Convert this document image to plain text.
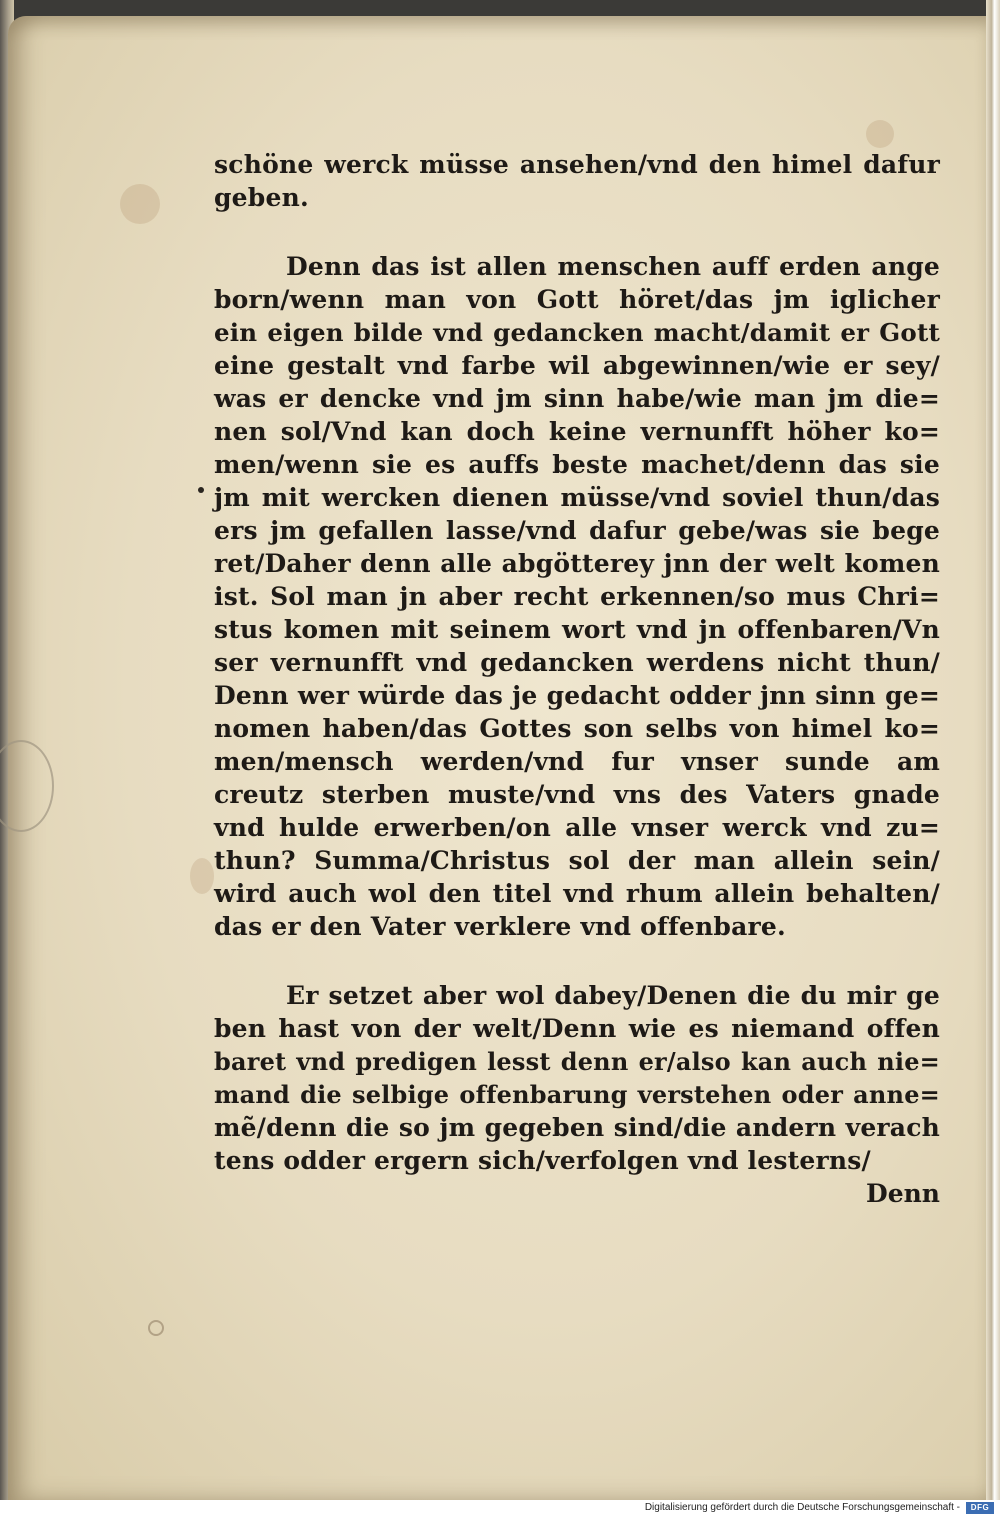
schöne werck müsse ansehen/vnd den himel dafur
geben.
Denn das ist allen menschen auff erden ange
born/wenn man von Gott höret/das jm iglicher
ein eigen bilde vnd gedancken macht/damit er Gott
eine gestalt vnd farbe wil abgewinnen/wie er sey/
was er dencke vnd jm sinn habe/wie man jm die=
nen sol/Vnd kan doch keine vernunfft höher ko=
men/wenn sie es auffs beste machet/denn das sie
jm mit wercken dienen müsse/vnd soviel thun/das
ers jm gefallen lasse/vnd dafur gebe/was sie bege
ret/Daher denn alle abgötterey jnn der welt komen
ist. Sol man jn aber recht erkennen/so mus Chri=
stus komen mit seinem wort vnd jn offenbaren/Vn
ser vernunfft vnd gedancken werdens nicht thun/
Denn wer würde das je gedacht odder jnn sinn ge=
nomen haben/das Gottes son selbs von himel ko=
men/mensch werden/vnd fur vnser sunde am
creutz sterben muste/vnd vns des Vaters gnade
vnd hulde erwerben/on alle vnser werck vnd zu=
thun? Summa/Christus sol der man allein sein/
wird auch wol den titel vnd rhum allein behalten/
das er den Vater verklere vnd offenbare.
Er setzet aber wol dabey/Denen die du mir ge
ben hast von der welt/Denn wie es niemand offen
baret vnd predigen lesst denn er/also kan auch nie=
mand die selbige offenbarung verstehen oder anne=
mẽ/denn die so jm gegeben sind/die andern verach
tens odder ergern sich/verfolgen vnd lesterns/
Denn
Digitalisierung gefördert durch die Deutsche Forschungsgemeinschaft -	DFG
